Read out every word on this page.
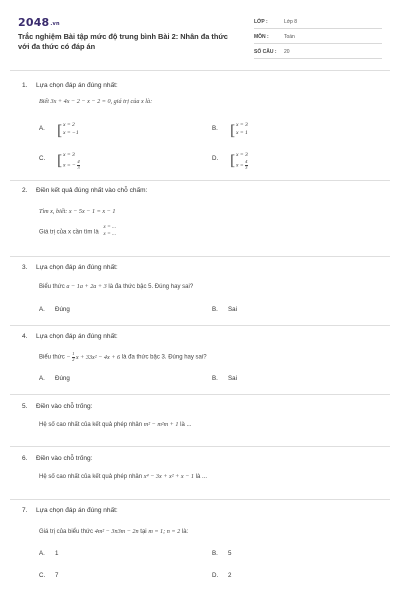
2048.vn
Trắc nghiệm Bài tập mức độ trung bình Bài 2: Nhân đa thức với đa thức có đáp án
LỚP :	Lớp 8
MÔN :	Toán
SỐ CÂU : 20
1. Lựa chọn đáp án đúng nhất:
Biết 3x + 4x − 2 − x − 2 = 0, giá trị của x là:
A. [ x = 2
x = −1
B. [ x = 3
x = 1
C. [ x = 3
x = − $\frac{4}{3}$
D. [ x = 3
$x = \frac{4}{3}$
2. Điền kết quả đúng nhất vào chỗ chấm:
Tìm x, biết: x − 5x − 1 = x − 1
Giá trị của x cần tìm là
x = ...
x = ...
3. Lựa chọn đáp án đúng nhất:
Biểu thức a − 1a + 2a + 3 là đa thức bậc 5. Đúng hay sai?
A. Đúng	B. Sai
4. Lựa chọn đáp án đúng nhất:
Biểu thức − $\frac{1}{2}$ x + 33x² − 4x + 6 là đa thức bậc 3. Đúng hay sai?
A. Đúng	B. Sai
5. Điền vào chỗ trống:
Hệ số cao nhất của kết quả phép nhân m² − m²m + 1 là ...
6. Điền vào chỗ trống:
Hệ số cao nhất của kết quả phép nhân x⁴ − 3x + x² + x − 1 là ...
7. Lựa chọn đáp án đúng nhất:
Giá trị của biểu thức 4m² − 3n3m − 2n tại m = 1; n = 2 là:
A. 1	B. 5
C. 7	D. 2
